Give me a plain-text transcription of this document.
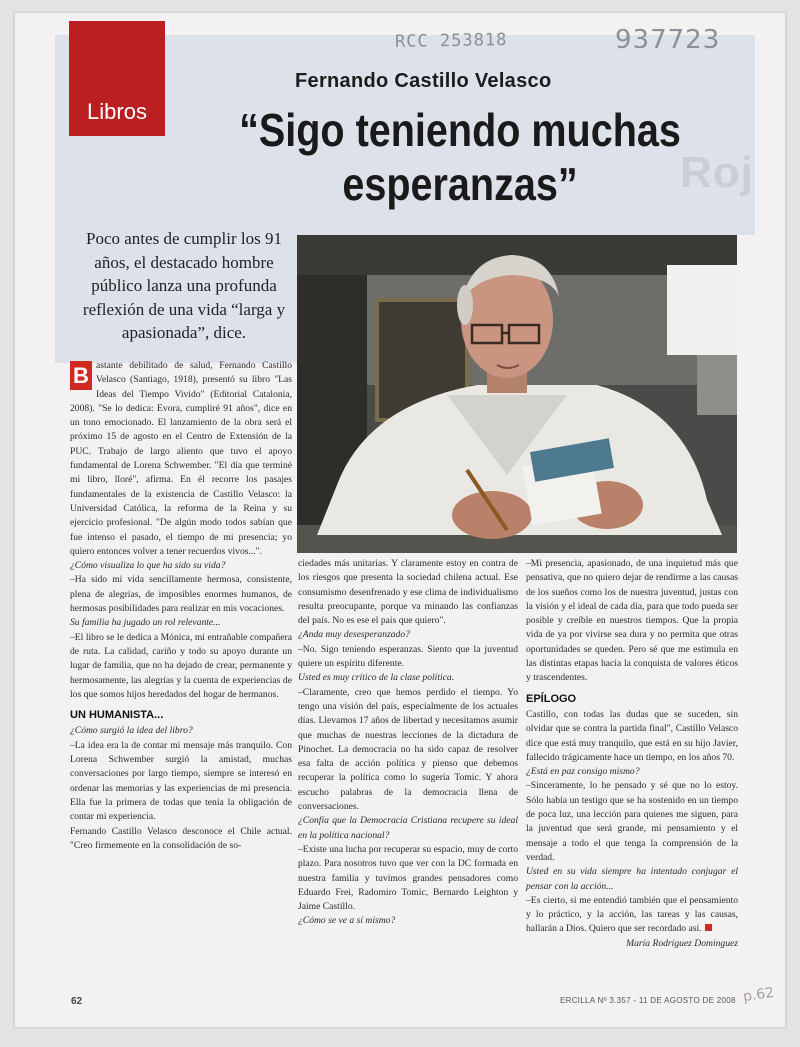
Roj
Libros
RCC 253818	937723
Fernando Castillo Velasco
“Sigo teniendo muchas esperanzas”
Poco antes de cumplir los 91 años, el destacado hombre público lanza una profunda reflexión de una vida “larga y apasionada”, dice.

B astante debilitado de salud, Fernando Castillo Velasco (Santiago, 1918), presentó su libro "Las Ideas del Tiempo Vivido" (Editorial Catalonia, 2008). "Se lo dedica: Evora, cumpliré 91 años", dice en un tono emocionado. El lanzamiento de la obra será el próximo 15 de agosto en el Centro de Extensión de la PUC. Trabajo de largo aliento que tuvo el apoyo fundamental de Lorena Schwember. "El día que terminé mi libro, lloré", afirma. En él recorre los pasajes fundamentales de la existencia de Castillo Velasco: la Universidad Católica, la reforma de la Reina y su ejercicio profesional. "De algún modo todos sabían que fue intenso el pasado, el tiempo de mi presencia; yo quiero entonces volver a tener recuerdos vivos...".

¿Cómo visualiza lo que ha sido su vida?

–Ha sido mi vida sencillamente hermosa, consistente, plena de alegrías, de imposibles enormes humanos, de hermosas posibilidades para realizar en mis vocaciones.

Su familia ha jugado un rol relevante...

–El libro se le dedica a Mónica, mi entrañable compañera de ruta. La calidad, cariño y todo su apoyo durante un lugar de familia, que no ha dejado de crear, permanente y hermosamente, las alegrías y la cuenta de experiencias de los que somos hijos heredados del hogar de hermanos.

UN HUMANISTA...

¿Cómo surgió la idea del libro?

–La idea era la de contar mi mensaje más tranquilo. Con Lorena Schwember surgió la amistad, muchas conversaciones por largo tiempo, siempre se interesó en ordenar las memorias y las experiencias de mi presencia. Ella fue la primera de todas que tenía la obligación de contar mi experiencia.

Fernando Castillo Velasco desconoce el Chile actual. "Creo firmemente en la consolidación de so-

ciedades más unitarias. Y claramente estoy en contra de los riesgos que presenta la sociedad chilena actual. Ese consumismo desenfrenado y ese clima de individualismo resulta preocupante, porque va minando las confianzas del país. No es ese el país que quiero".

¿Anda muy desesperanzado?

–No. Sigo teniendo esperanzas. Siento que la juventud quiere un espíritu diferente.

Usted es muy crítico de la clase política.

–Claramente, creo que hemos perdido el tiempo. Yo tengo una visión del país, especialmente de los actuales días. Llevamos 17 años de libertad y necesitamos asumir que muchas de nuestras lecciones de la dictadura de Pinochet. La democracia no ha sido capaz de resolver esa falta de acción política y pienso que debemos recuperar la política como lo sugería Tomic. Y ahora escucho palabras de la democracia llena de conversaciones.

¿Confía que la Democracia Cristiana recupere su ideal en la política nacional?

–Existe una lucha por recuperar su espacio, muy de corto plazo. Para nosotros tuvo que ver con la DC formada en nuestra familia y tuvimos grandes pensadores como Eduardo Frei, Radomiro Tomic, Bernardo Leighton y Jaime Castillo.

¿Cómo se ve a sí mismo?

–Mi presencia, apasionado, de una inquietud más que pensativa, que no quiero dejar de rendirme a las causas de los sueños como los de nuestra juventud, justas con la visión y el ideal de cada día, para que todo pueda ser posible y creíble en nuestros tiempos. Que la propia vida de ya por vivirse sea dura y no permita que otras oportunidades se queden. Pero sé que me estimula en las distintas etapas hacia la conquista de valores éticos y trascendentes.

EPÍLOGO

Castillo, con todas las dudas que se suceden, sin olvidar que se contra la partida final", Castillo Velasco dice que está muy tranquilo, que está en su hijo Javier, fallecido trágicamente hace un tiempo, en los años 70.

¿Está en paz consigo mismo?

–Sinceramente, lo he pensado y sé que no lo estoy. Sólo había un testigo que se ha sostenido en un tiempo de poca luz, una lección para quienes me siguen, para la juventud que será grande, mi pensamiento y el mensaje a todo el que tenga la comprensión de la verdad.

Usted en su vida siempre ha intentado conjugar el pensar con la acción...

–Es cierto, si me entendió también que el pensamiento y lo práctico, y la acción, las tareas y las causas, hallarán a Dios. Quiero que ser recordado así.

María Rodríguez Dominguez

62	ERCILLA Nº 3.357 - 11 DE AGOSTO DE 2008 p.62
